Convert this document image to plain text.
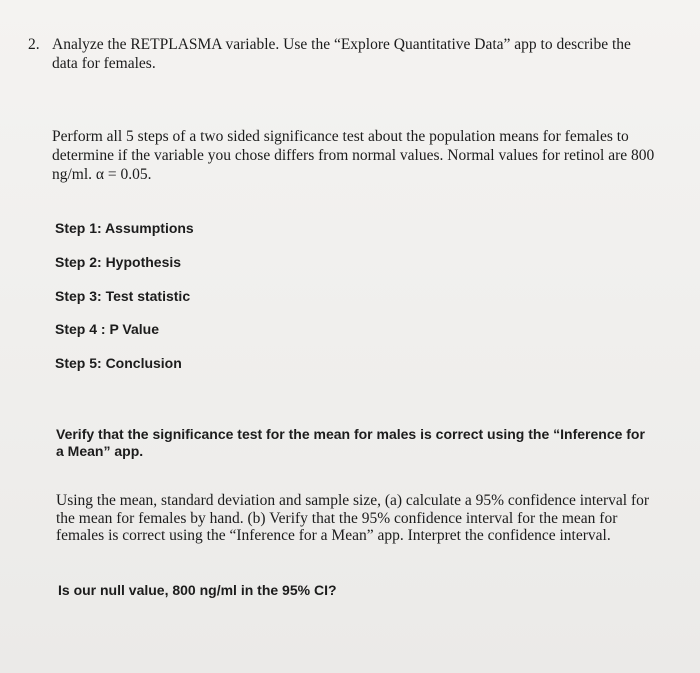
2. Analyze the RETPLASMA variable. Use the “Explore Quantitative Data” app to describe the data for females.
Perform all 5 steps of a two sided significance test about the population means for females to determine if the variable you chose differs from normal values. Normal values for retinol are 800 ng/ml. α = 0.05.
Step 1: Assumptions
Step 2: Hypothesis
Step 3: Test statistic
Step 4 : P Value
Step 5: Conclusion
Verify that the significance test for the mean for males is correct using the “Inference for a Mean” app.
Using the mean, standard deviation and sample size, (a) calculate a 95% confidence interval for the mean for females by hand. (b) Verify that the 95% confidence interval for the mean for females is correct using the “Inference for a Mean” app. Interpret the confidence interval.
Is our null value, 800 ng/ml in the 95% CI?
